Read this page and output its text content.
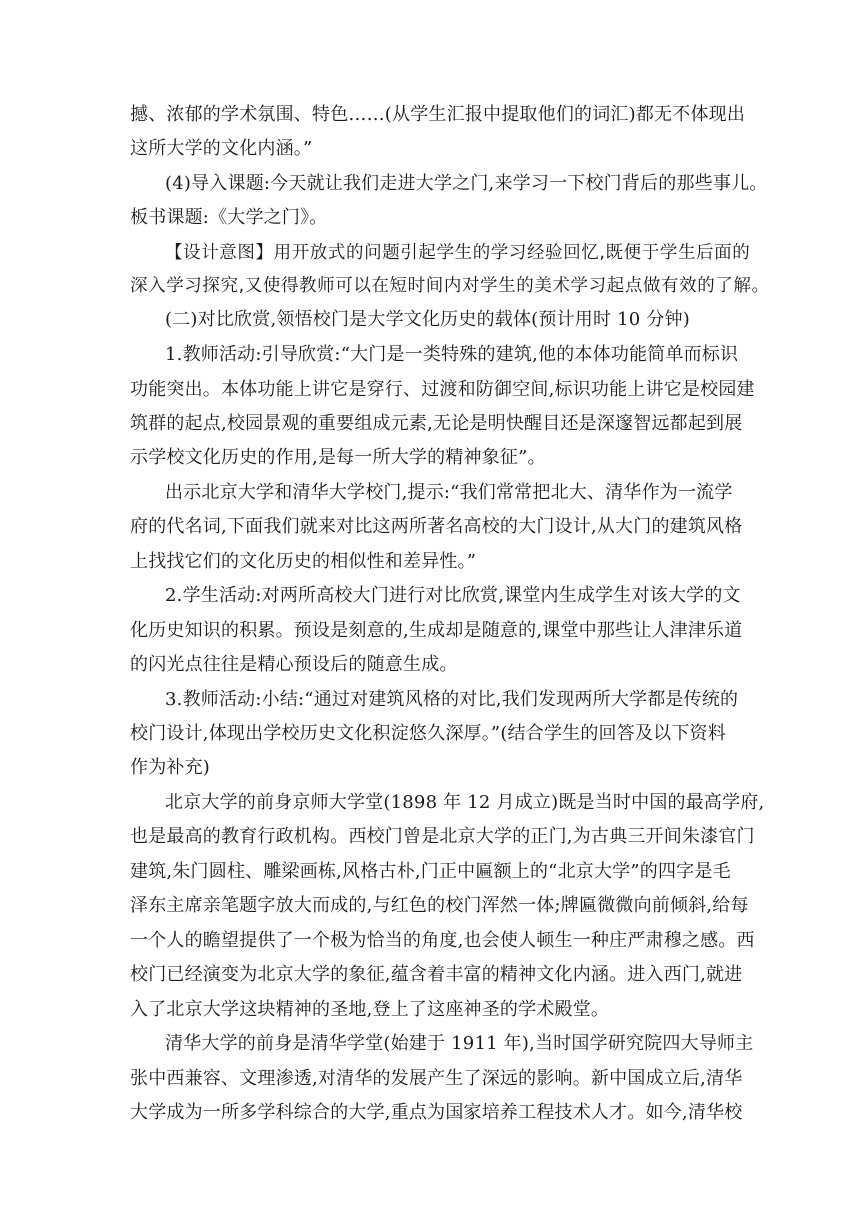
撼、浓郁的学术氛围、特色……(从学生汇报中提取他们的词汇)都无不体现出
这所大学的文化内涵。”
(4)导入课题:今天就让我们走进大学之门,来学习一下校门背后的那些事儿。
板书课题:《大学之门》。
【设计意图】用开放式的问题引起学生的学习经验回忆,既便于学生后面的
深入学习探究,又使得教师可以在短时间内对学生的美术学习起点做有效的了解。
(二)对比欣赏,领悟校门是大学文化历史的载体(预计用时 10 分钟)
1.教师活动:引导欣赏:“大门是一类特殊的建筑,他的本体功能简单而标识
功能突出。本体功能上讲它是穿行、过渡和防御空间,标识功能上讲它是校园建
筑群的起点,校园景观的重要组成元素,无论是明快醒目还是深邃智远都起到展
示学校文化历史的作用,是每一所大学的精神象征”。
出示北京大学和清华大学校门,提示:“我们常常把北大、清华作为一流学
府的代名词,下面我们就来对比这两所著名高校的大门设计,从大门的建筑风格
上找找它们的文化历史的相似性和差异性。”
2.学生活动:对两所高校大门进行对比欣赏,课堂内生成学生对该大学的文
化历史知识的积累。预设是刻意的,生成却是随意的,课堂中那些让人津津乐道
的闪光点往往是精心预设后的随意生成。
3.教师活动:小结:“通过对建筑风格的对比,我们发现两所大学都是传统的
校门设计,体现出学校历史文化积淀悠久深厚。”(结合学生的回答及以下资料
作为补充)
北京大学的前身京师大学堂(1898 年 12 月成立)既是当时中国的最高学府,
也是最高的教育行政机构。西校门曾是北京大学的正门,为古典三开间朱漆官门
建筑,朱门圆柱、雕梁画栋,风格古朴,门正中匾额上的“北京大学”的四字是毛
泽东主席亲笔题字放大而成的,与红色的校门浑然一体;牌匾微微向前倾斜,给每
一个人的瞻望提供了一个极为恰当的角度,也会使人顿生一种庄严肃穆之感。西
校门已经演变为北京大学的象征,蕴含着丰富的精神文化内涵。进入西门,就进
入了北京大学这块精神的圣地,登上了这座神圣的学术殿堂。
清华大学的前身是清华学堂(始建于 1911 年),当时国学研究院四大导师主
张中西兼容、文理渗透,对清华的发展产生了深远的影响。新中国成立后,清华
大学成为一所多学科综合的大学,重点为国家培养工程技术人才。如今,清华校
